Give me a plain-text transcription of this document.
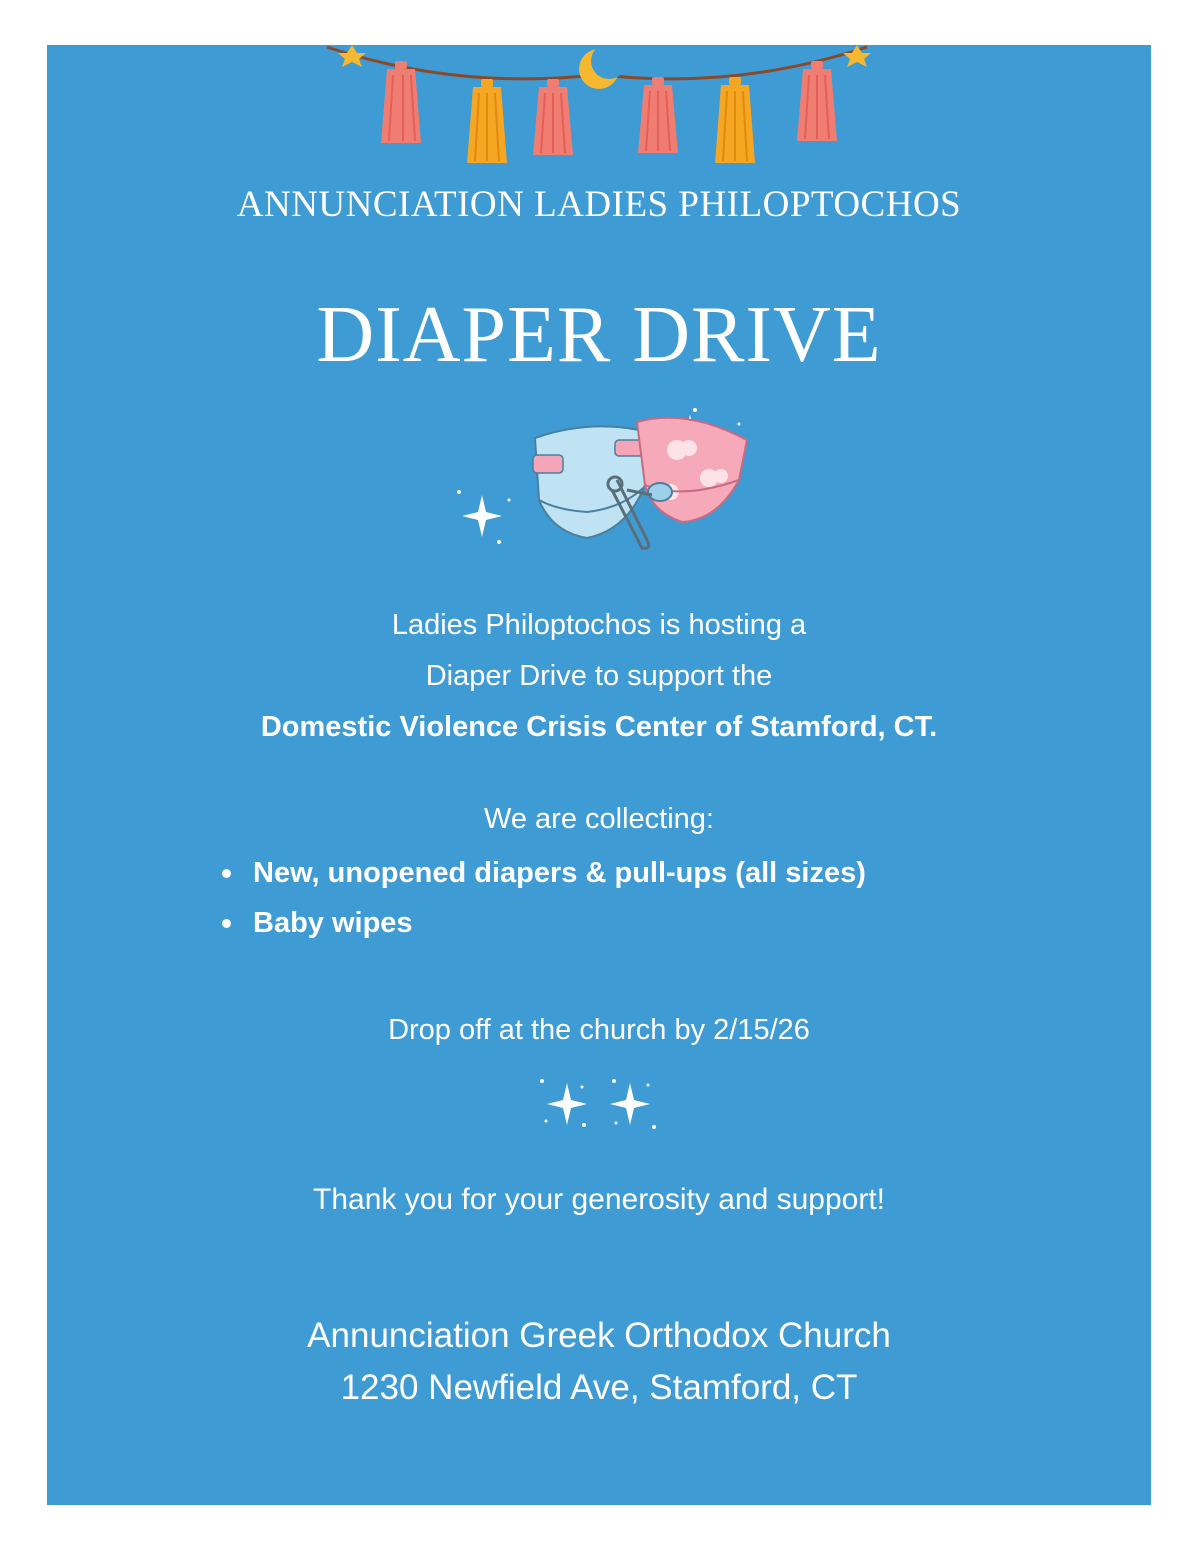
ANNUNCIATION LADIES PHILOPTOCHOS
DIAPER DRIVE
Ladies Philoptochos is hosting a
Diaper Drive to support the
Domestic Violence Crisis Center of Stamford, CT.
We are collecting:
New, unopened diapers & pull-ups (all sizes)
Baby wipes
Drop off at the church by 2/15/26
Thank you for your generosity and support!
Annunciation Greek Orthodox Church
1230 Newfield Ave, Stamford, CT
